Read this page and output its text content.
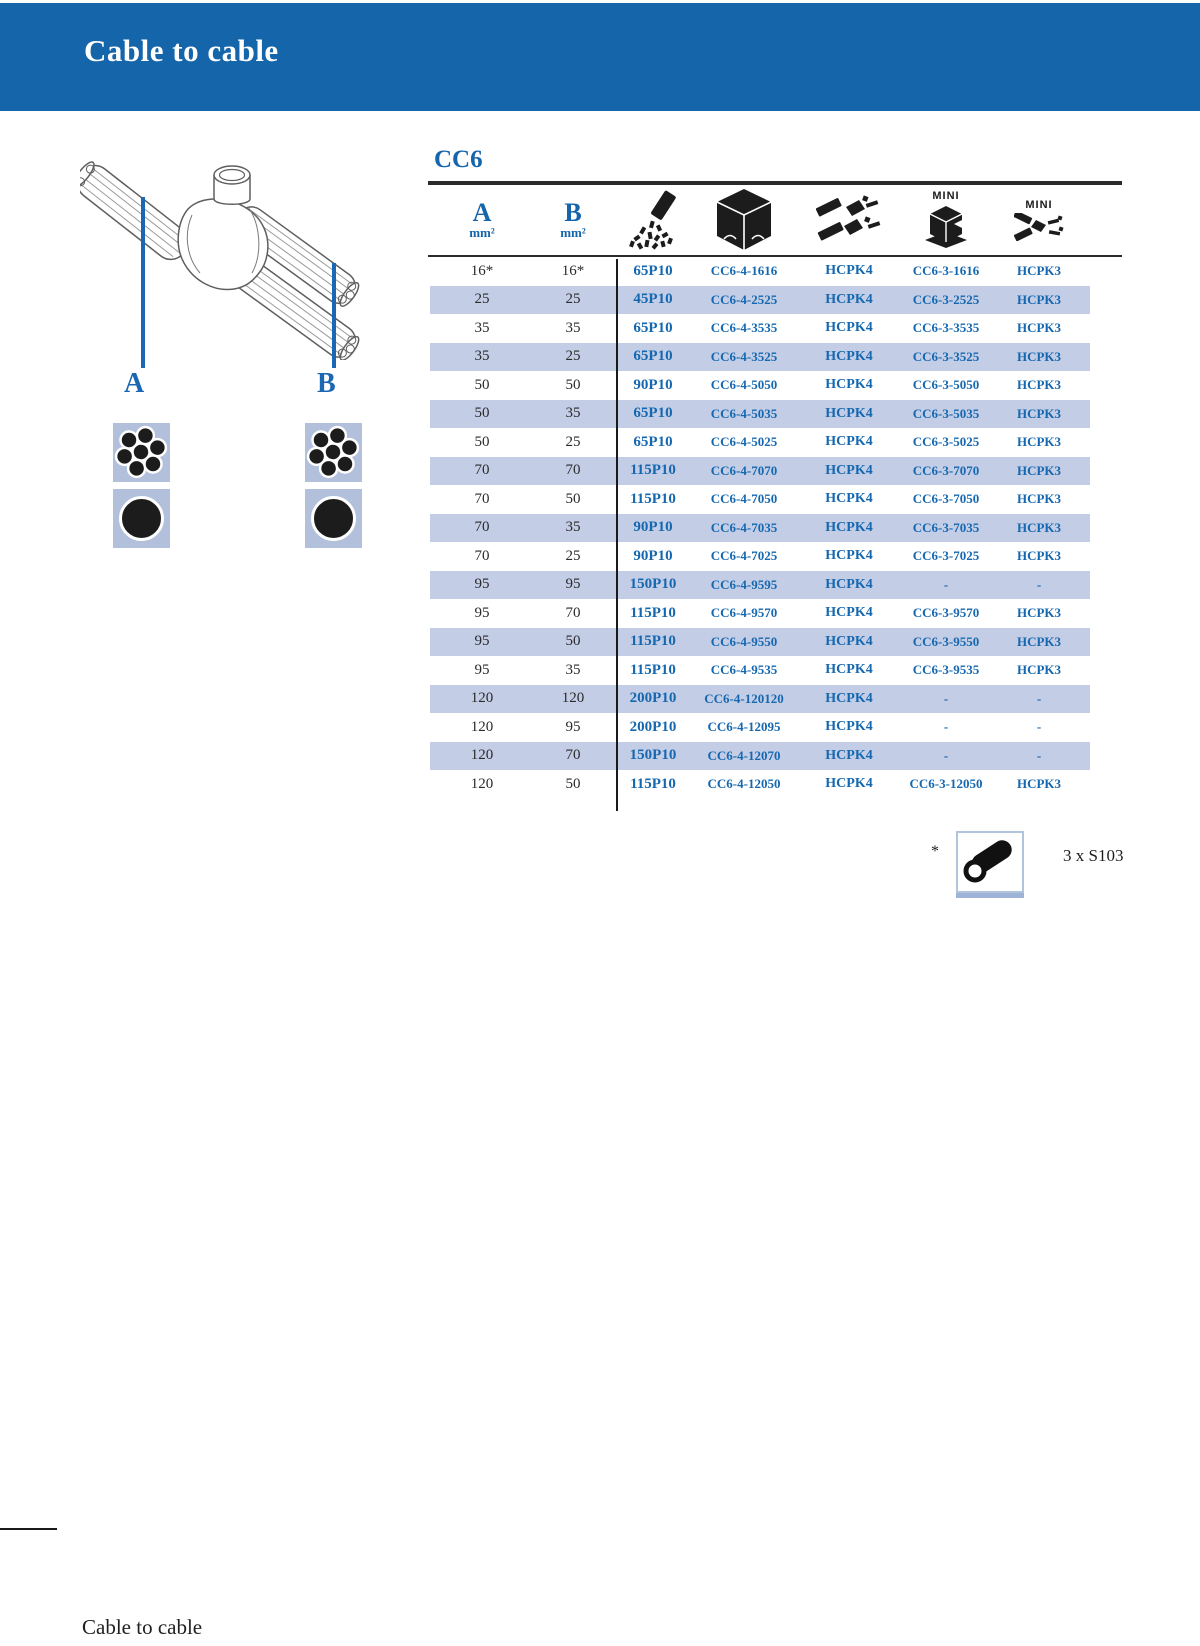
Cable to cable
A	B
CC6
A
mm²
B
mm²
MINI
MINI
16*	16*	65P10	CC6-4-1616	HCPK4	CC6-3-1616	HCPK3
25	25	45P10	CC6-4-2525	HCPK4	CC6-3-2525	HCPK3
35	35	65P10	CC6-4-3535	HCPK4	CC6-3-3535	HCPK3
35	25	65P10	CC6-4-3525	HCPK4	CC6-3-3525	HCPK3
50	50	90P10	CC6-4-5050	HCPK4	CC6-3-5050	HCPK3
50	35	65P10	CC6-4-5035	HCPK4	CC6-3-5035	HCPK3
50	25	65P10	CC6-4-5025	HCPK4	CC6-3-5025	HCPK3
70	70	115P10	CC6-4-7070	HCPK4	CC6-3-7070	HCPK3
70	50	115P10	CC6-4-7050	HCPK4	CC6-3-7050	HCPK3
70	35	90P10	CC6-4-7035	HCPK4	CC6-3-7035	HCPK3
70	25	90P10	CC6-4-7025	HCPK4	CC6-3-7025	HCPK3
95	95	150P10	CC6-4-9595	HCPK4	-	-
95	70	115P10	CC6-4-9570	HCPK4	CC6-3-9570	HCPK3
95	50	115P10	CC6-4-9550	HCPK4	CC6-3-9550	HCPK3
95	35	115P10	CC6-4-9535	HCPK4	CC6-3-9535	HCPK3
120	120	200P10	CC6-4-120120	HCPK4	-	-
120	95	200P10	CC6-4-12095	HCPK4	-	-
120	70	150P10	CC6-4-12070	HCPK4	-	-
120	50	115P10	CC6-4-12050	HCPK4	CC6-3-12050	HCPK3
*	3 x S103
Cable to cable
